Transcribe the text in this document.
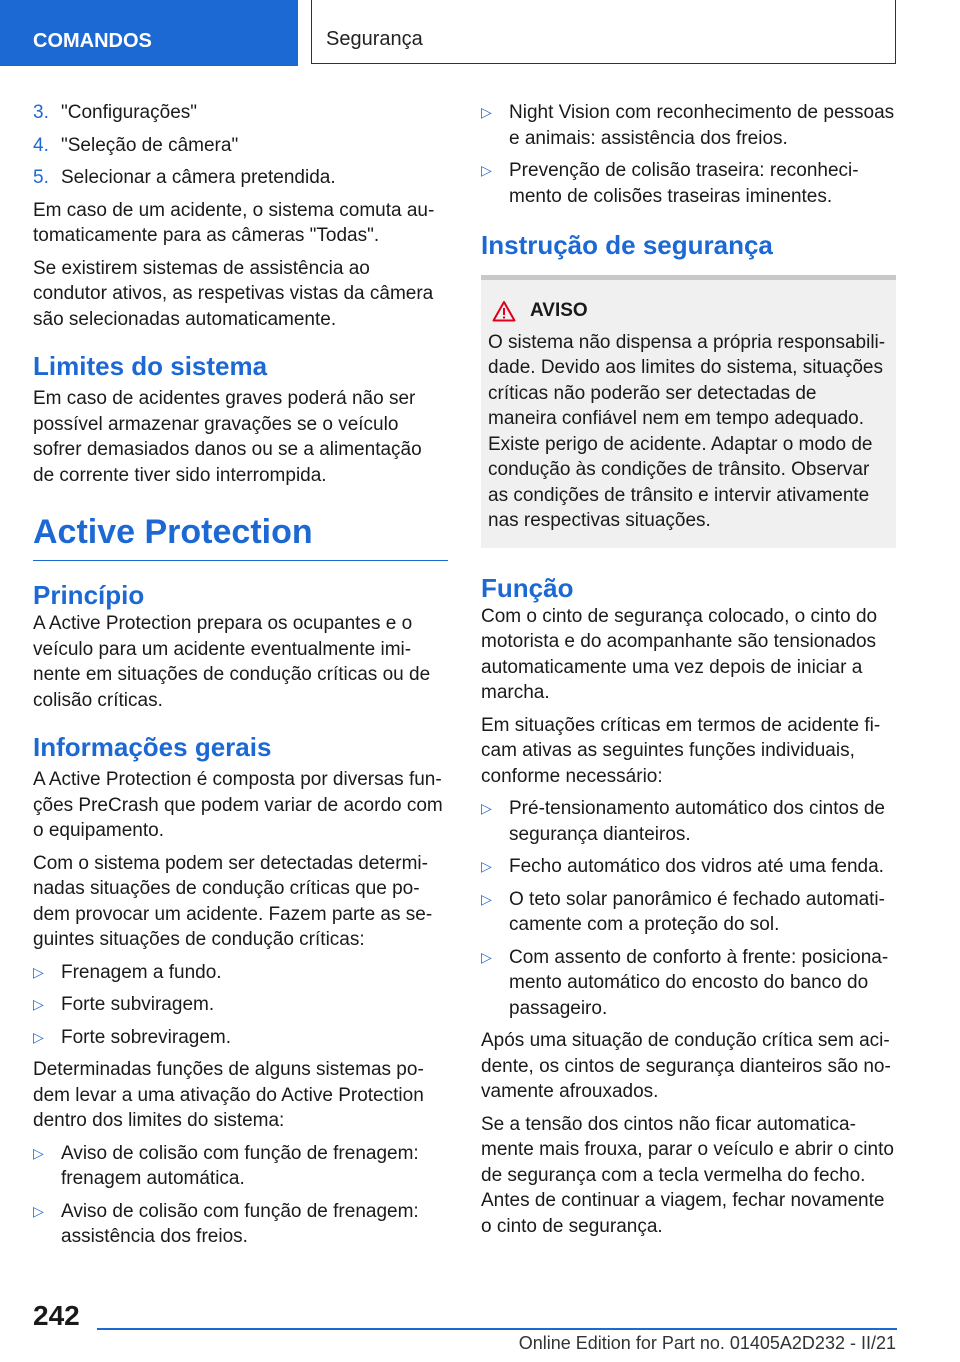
COMANDOS	Segurança
3. "Configurações"
4. "Seleção de câmera"
5. Selecionar a câmera pretendida.

Em caso de um acidente, o sistema comuta automaticamente para as câmeras "Todas".

Se existirem sistemas de assistência ao condutor ativos, as respetivas vistas da câmera são selecionadas automaticamente.

Limites do sistema

Em caso de acidentes graves poderá não ser possível armazenar gravações se o veículo sofrer demasiados danos ou se a alimentação de corrente tiver sido interrompida.

Active Protection
Princípio

A Active Protection prepara os ocupantes e o veículo para um acidente eventualmente iminente em situações de condução críticas ou de colisão críticas.

Informações gerais

A Active Protection é composta por diversas funções PreCrash que podem variar de acordo com o equipamento.

Com o sistema podem ser detectadas determinadas situações de condução críticas que podem provocar um acidente. Fazem parte as seguintes situações de condução críticas:

▷ Frenagem a fundo.
▷ Forte subviragem.
▷ Forte sobreviragem.

Determinadas funções de alguns sistemas podem levar a uma ativação do Active Protection dentro dos limites do sistema:

▷ Aviso de colisão com função de frenagem: frenagem automática.
▷ Aviso de colisão com função de frenagem: assistência dos freios.
▷ Night Vision com reconhecimento de pessoas e animais: assistência dos freios.
▷ Prevenção de colisão traseira: reconhecimento de colisões traseiras iminentes.
Instrução de segurança
AVISO

O sistema não dispensa a própria responsabilidade. Devido aos limites do sistema, situações críticas não poderão ser detectadas de maneira confiável nem em tempo adequado. Existe perigo de acidente. Adaptar o modo de condução às condições de trânsito. Observar as condições de trânsito e intervir ativamente nas respectivas situações.

Função

Com o cinto de segurança colocado, o cinto do motorista e do acompanhante são tensionados automaticamente uma vez depois de iniciar a marcha.

Em situações críticas em termos de acidente ficam ativas as seguintes funções individuais, conforme necessário:

▷ Pré-tensionamento automático dos cintos de segurança dianteiros.
▷ Fecho automático dos vidros até uma fenda.
▷ O teto solar panorâmico é fechado automaticamente com a proteção do sol.
▷ Com assento de conforto à frente: posicionamento automático do encosto do banco do passageiro.

Após uma situação de condução crítica sem acidente, os cintos de segurança dianteiros são novamente afrouxados.

Se a tensão dos cintos não ficar automaticamente mais frouxa, parar o veículo e abrir o cinto de segurança com a tecla vermelha do fecho. Antes de continuar a viagem, fechar novamente o cinto de segurança.

242
Online Edition for Part no. 01405A2D232 - II/21
